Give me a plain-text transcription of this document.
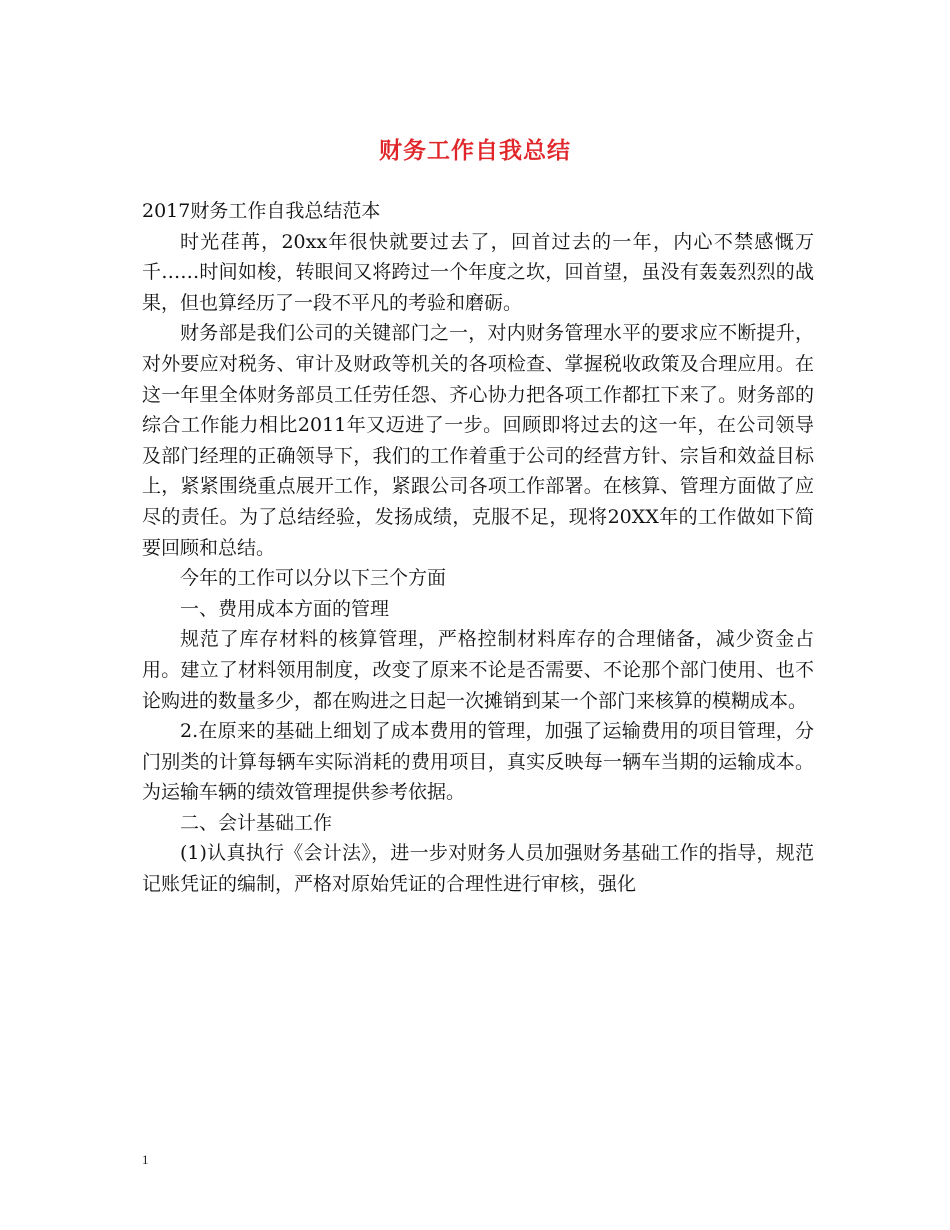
财务工作自我总结

2017财务工作自我总结范本

时光荏苒，20xx年很快就要过去了，回首过去的一年，内心不禁感慨万千……时间如梭，转眼间又将跨过一个年度之坎，回首望，虽没有轰轰烈烈的战果，但也算经历了一段不平凡的考验和磨砺。

财务部是我们公司的关键部门之一，对内财务管理水平的要求应不断提升，对外要应对税务、审计及财政等机关的各项检查、掌握税收政策及合理应用。在这一年里全体财务部员工任劳任怨、齐心协力把各项工作都扛下来了。财务部的综合工作能力相比2011年又迈进了一步。回顾即将过去的这一年，在公司领导及部门经理的正确领导下，我们的工作着重于公司的经营方针、宗旨和效益目标上，紧紧围绕重点展开工作，紧跟公司各项工作部署。在核算、管理方面做了应尽的责任。为了总结经验，发扬成绩，克服不足，现将20XX年的工作做如下简要回顾和总结。

今年的工作可以分以下三个方面

一、费用成本方面的管理

规范了库存材料的核算管理，严格控制材料库存的合理储备，减少资金占用。建立了材料领用制度，改变了原来不论是否需要、不论那个部门使用、也不论购进的数量多少，都在购进之日起一次摊销到某一个部门来核算的模糊成本。

2.在原来的基础上细划了成本费用的管理，加强了运输费用的项目管理，分门别类的计算每辆车实际消耗的费用项目，真实反映每一辆车当期的运输成本。为运输车辆的绩效管理提供参考依据。

二、会计基础工作

(1)认真执行《会计法》，进一步对财务人员加强财务基础工作的指导，规范记账凭证的编制，严格对原始凭证的合理性进行审核，强化

1
